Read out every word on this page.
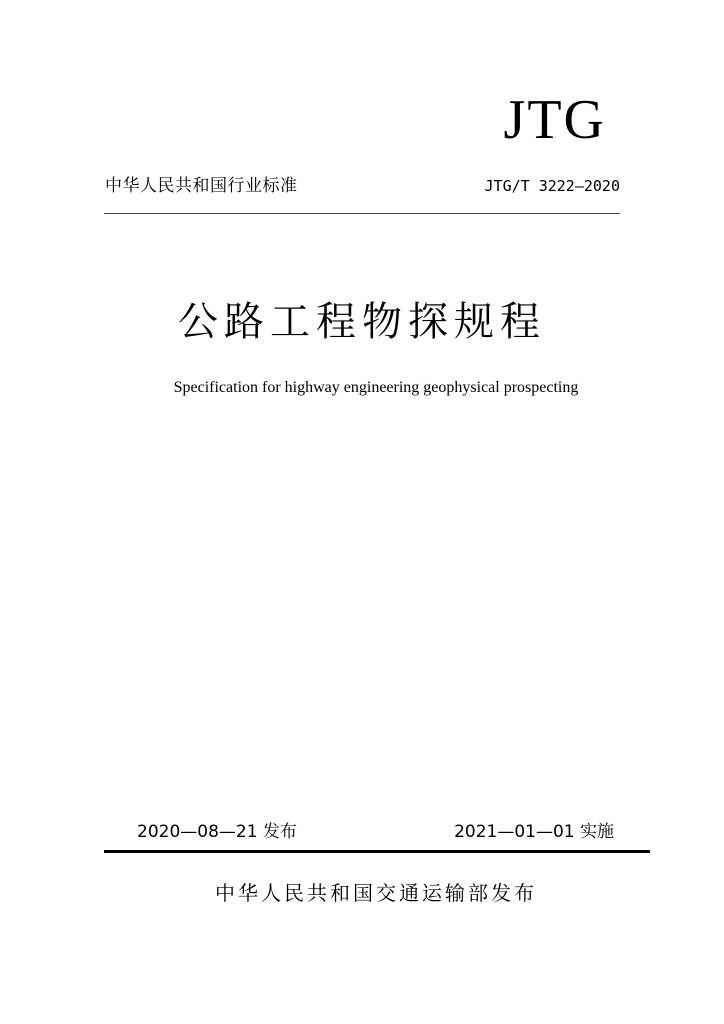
JTG
中华人民共和国行业标准	JTG/T 3222—2020
公路工程物探规程
Specification for highway engineering geophysical prospecting
2020—08—21 发布	2021—01—01 实施
中华人民共和国交通运输部发布
